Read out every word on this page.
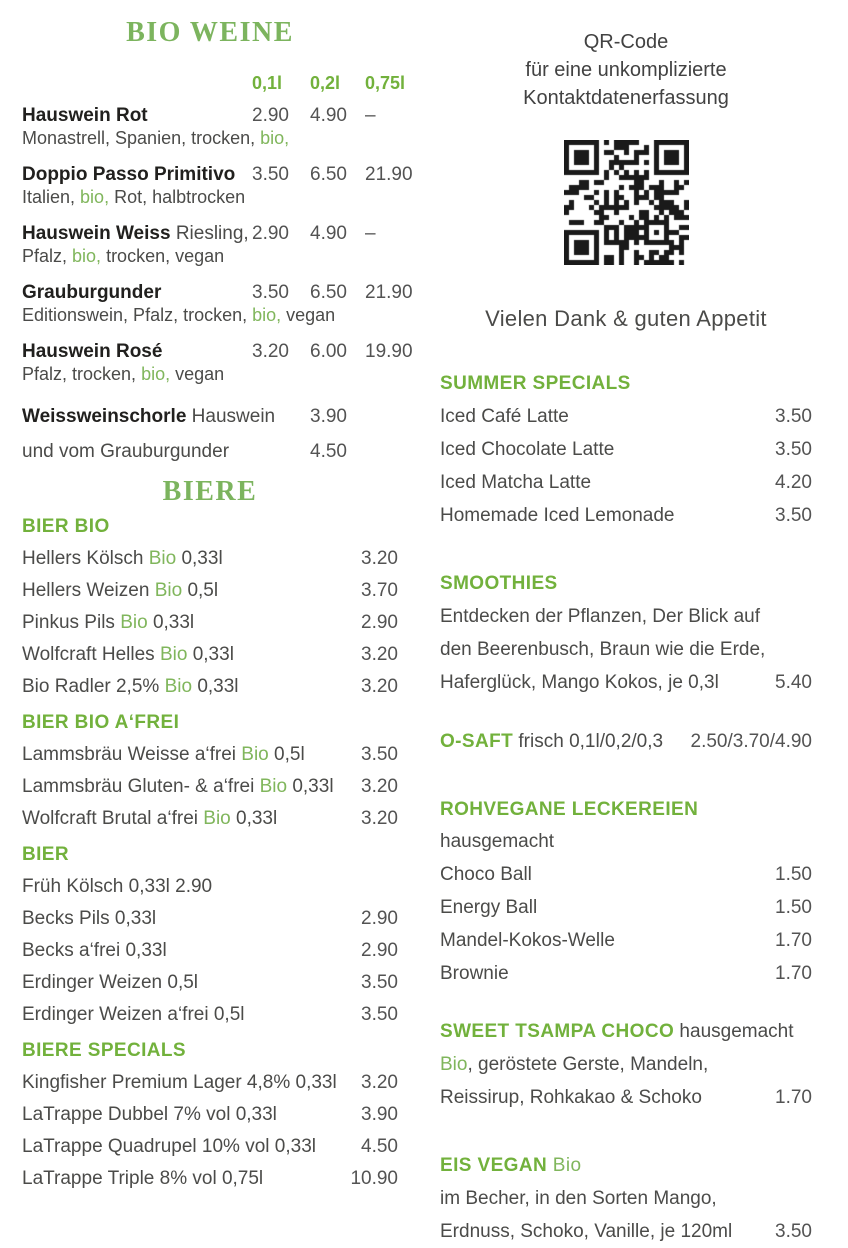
BIO WEINE
0,1l	0,2l	0,75l
Hauswein Rot	2.90	4.90 –
Monastrell, Spanien, trocken, bio,
Doppio Passo Primitivo 3.50	6.50 21.90
Italien, bio, Rot, halbtrocken
Hauswein Weiss Riesling, 2.90	4.90 –
Pfalz, bio, trocken, vegan
Grauburgunder	3.50	6.50 21.90
Editionswein, Pfalz, trocken, bio, vegan
Hauswein Rosé	3.20	6.00 19.90
Pfalz, trocken, bio, vegan
Weissweinschorle Hauswein	3.90
und vom Grauburgunder	4.50
BIERE
BIER BIO
Hellers Kölsch Bio 0,33l	3.20
Hellers Weizen Bio 0,5l	3.70
Pinkus Pils Bio 0,33l	2.90
Wolfcraft Helles Bio 0,33l	3.20
Bio Radler 2,5% Bio 0,33l	3.20
BIER BIO A‘FREI
Lammsbräu Weisse a‘frei Bio 0,5l	3.50
Lammsbräu Gluten- & a‘frei Bio 0,33l 3.20
Wolfcraft Brutal a‘frei Bio 0,33l	3.20
BIER
Früh Kölsch 0,33l 2.90
Becks Pils 0,33l	2.90
Becks a‘frei 0,33l	2.90
Erdinger Weizen 0,5l	3.50
Erdinger Weizen a‘frei 0,5l	3.50
BIERE SPECIALS
Kingfisher Premium Lager 4,8% 0,33l 3.20
LaTrappe Dubbel 7% vol 0,33l	3.90
LaTrappe Quadrupel 10% vol 0,33l 4.50
LaTrappe Triple 8% vol 0,75l	10.90
QR-Code
für eine unkomplizierte
Kontaktdatenerfassung
Vielen Dank & guten Appetit
SUMMER SPECIALS
Iced Café Latte	3.50
Iced Chocolate Latte	3.50
Iced Matcha Latte	4.20
Homemade Iced Lemonade	3.50
SMOOTHIES
Entdecken der Pflanzen, Der Blick auf
den Beerenbusch, Braun wie die Erde,
Haferglück, Mango Kokos, je 0,3l	5.40
O-SAFT frisch 0,1l/0,2/0,3 2.50/3.70/4.90
ROHVEGANE LECKEREIEN hausgemacht
Choco Ball	1.50
Energy Ball	1.50
Mandel-Kokos-Welle	1.70
Brownie	1.70
SWEET TSAMPA CHOCO hausgemacht
Bio, geröstete Gerste, Mandeln,
Reissirup, Rohkakao & Schoko	1.70
EIS VEGAN Bio
im Becher, in den Sorten Mango,
Erdnuss, Schoko, Vanille, je 120ml 3.50
